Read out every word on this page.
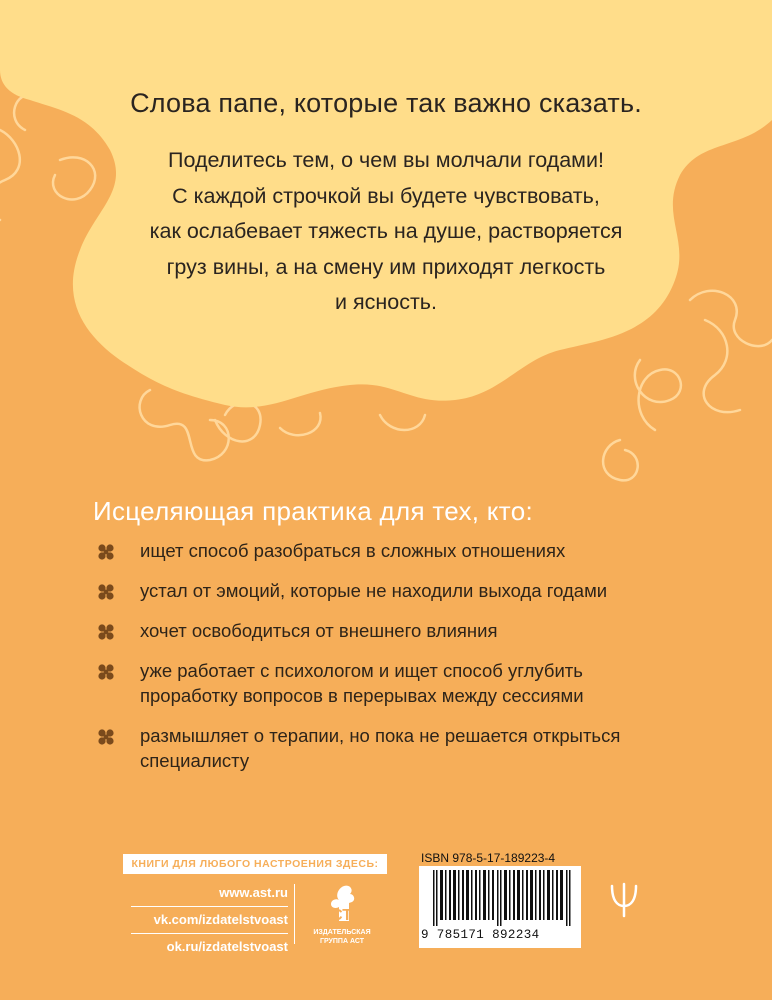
Слова папе, которые так важно сказать.
Поделитесь тем, о чем вы молчали годами!
С каждой строчкой вы будете чувствовать,
как ослабевает тяжесть на душе, растворяется
груз вины, а на смену им приходят легкость
и ясность.
Исцеляющая практика для тех, кто:
ищет способ разобраться в сложных отношениях
устал от эмоций, которые не находили выхода годами
хочет освободиться от внешнего влияния
уже работает с психологом и ищет способ углубить
проработку вопросов в перерывах между сессиями
размышляет о терапии, но пока не решается открыться
специалисту
КНИГИ ДЛЯ ЛЮБОГО НАСТРОЕНИЯ ЗДЕСЬ:
www.ast.ru
vk.com/izdatelstvoast
ok.ru/izdatelstvoast
АСТ
ИЗДАТЕЛЬСКАЯ
ГРУППА АСТ
ISBN 978-5-17-189223-4
9 785171 892234
